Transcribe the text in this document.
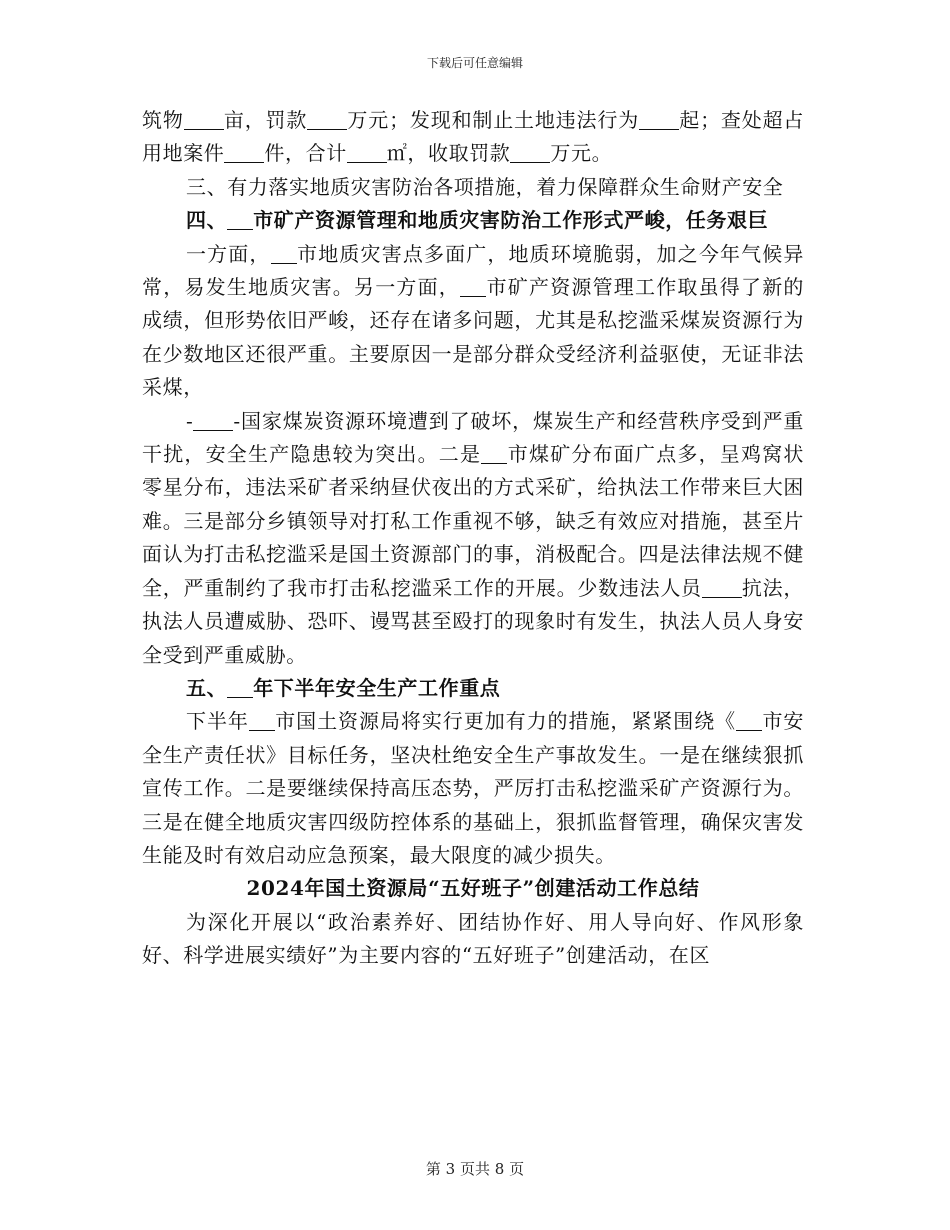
下载后可任意编辑

筑物 亩，罚款 万元；发现和制止土地违法行为 起；查处超占用地案件 件，合计 ㎡，收取罚款 万元。

三、有力落实地质灾害防治各项措施，着力保障群众生命财产安全

四、 市矿产资源管理和地质灾害防治工作形式严峻，任务艰巨

一方面， 市地质灾害点多面广，地质环境脆弱，加之今年气候异常，易发生地质灾害。另一方面， 市矿产资源管理工作取虽得了新的成绩，但形势依旧严峻，还存在诸多问题，尤其是私挖滥采煤炭资源行为在少数地区还很严重。主要原因一是部分群众受经济利益驱使，无证非法采煤，

- -国家煤炭资源环境遭到了破坏，煤炭生产和经营秩序受到严重干扰，安全生产隐患较为突出。二是 市煤矿分布面广点多，呈鸡窝状零星分布，违法采矿者采纳昼伏夜出的方式采矿，给执法工作带来巨大困难。三是部分乡镇领导对打私工作重视不够，缺乏有效应对措施，甚至片面认为打击私挖滥采是国土资源部门的事，消极配合。四是法律法规不健全，严重制约了我市打击私挖滥采工作的开展。少数违法人员 抗法，执法人员遭威胁、恐吓、谩骂甚至殴打的现象时有发生，执法人员人身安全受到严重威胁。

五、 年下半年安全生产工作重点

下半年 市国土资源局将实行更加有力的措施，紧紧围绕《 市安全生产责任状》目标任务，坚决杜绝安全生产事故发生。一是在继续狠抓宣传工作。二是要继续保持高压态势，严厉打击私挖滥采矿产资源行为。三是在健全地质灾害四级防控体系的基础上，狠抓监督管理，确保灾害发生能及时有效启动应急预案，最大限度的减少损失。

2024年国土资源局“五好班子”创建活动工作总结

为深化开展以“政治素养好、团结协作好、用人导向好、作风形象好、科学进展实绩好”为主要内容的“五好班子”创建活动，在区

第 3 页共 8 页
